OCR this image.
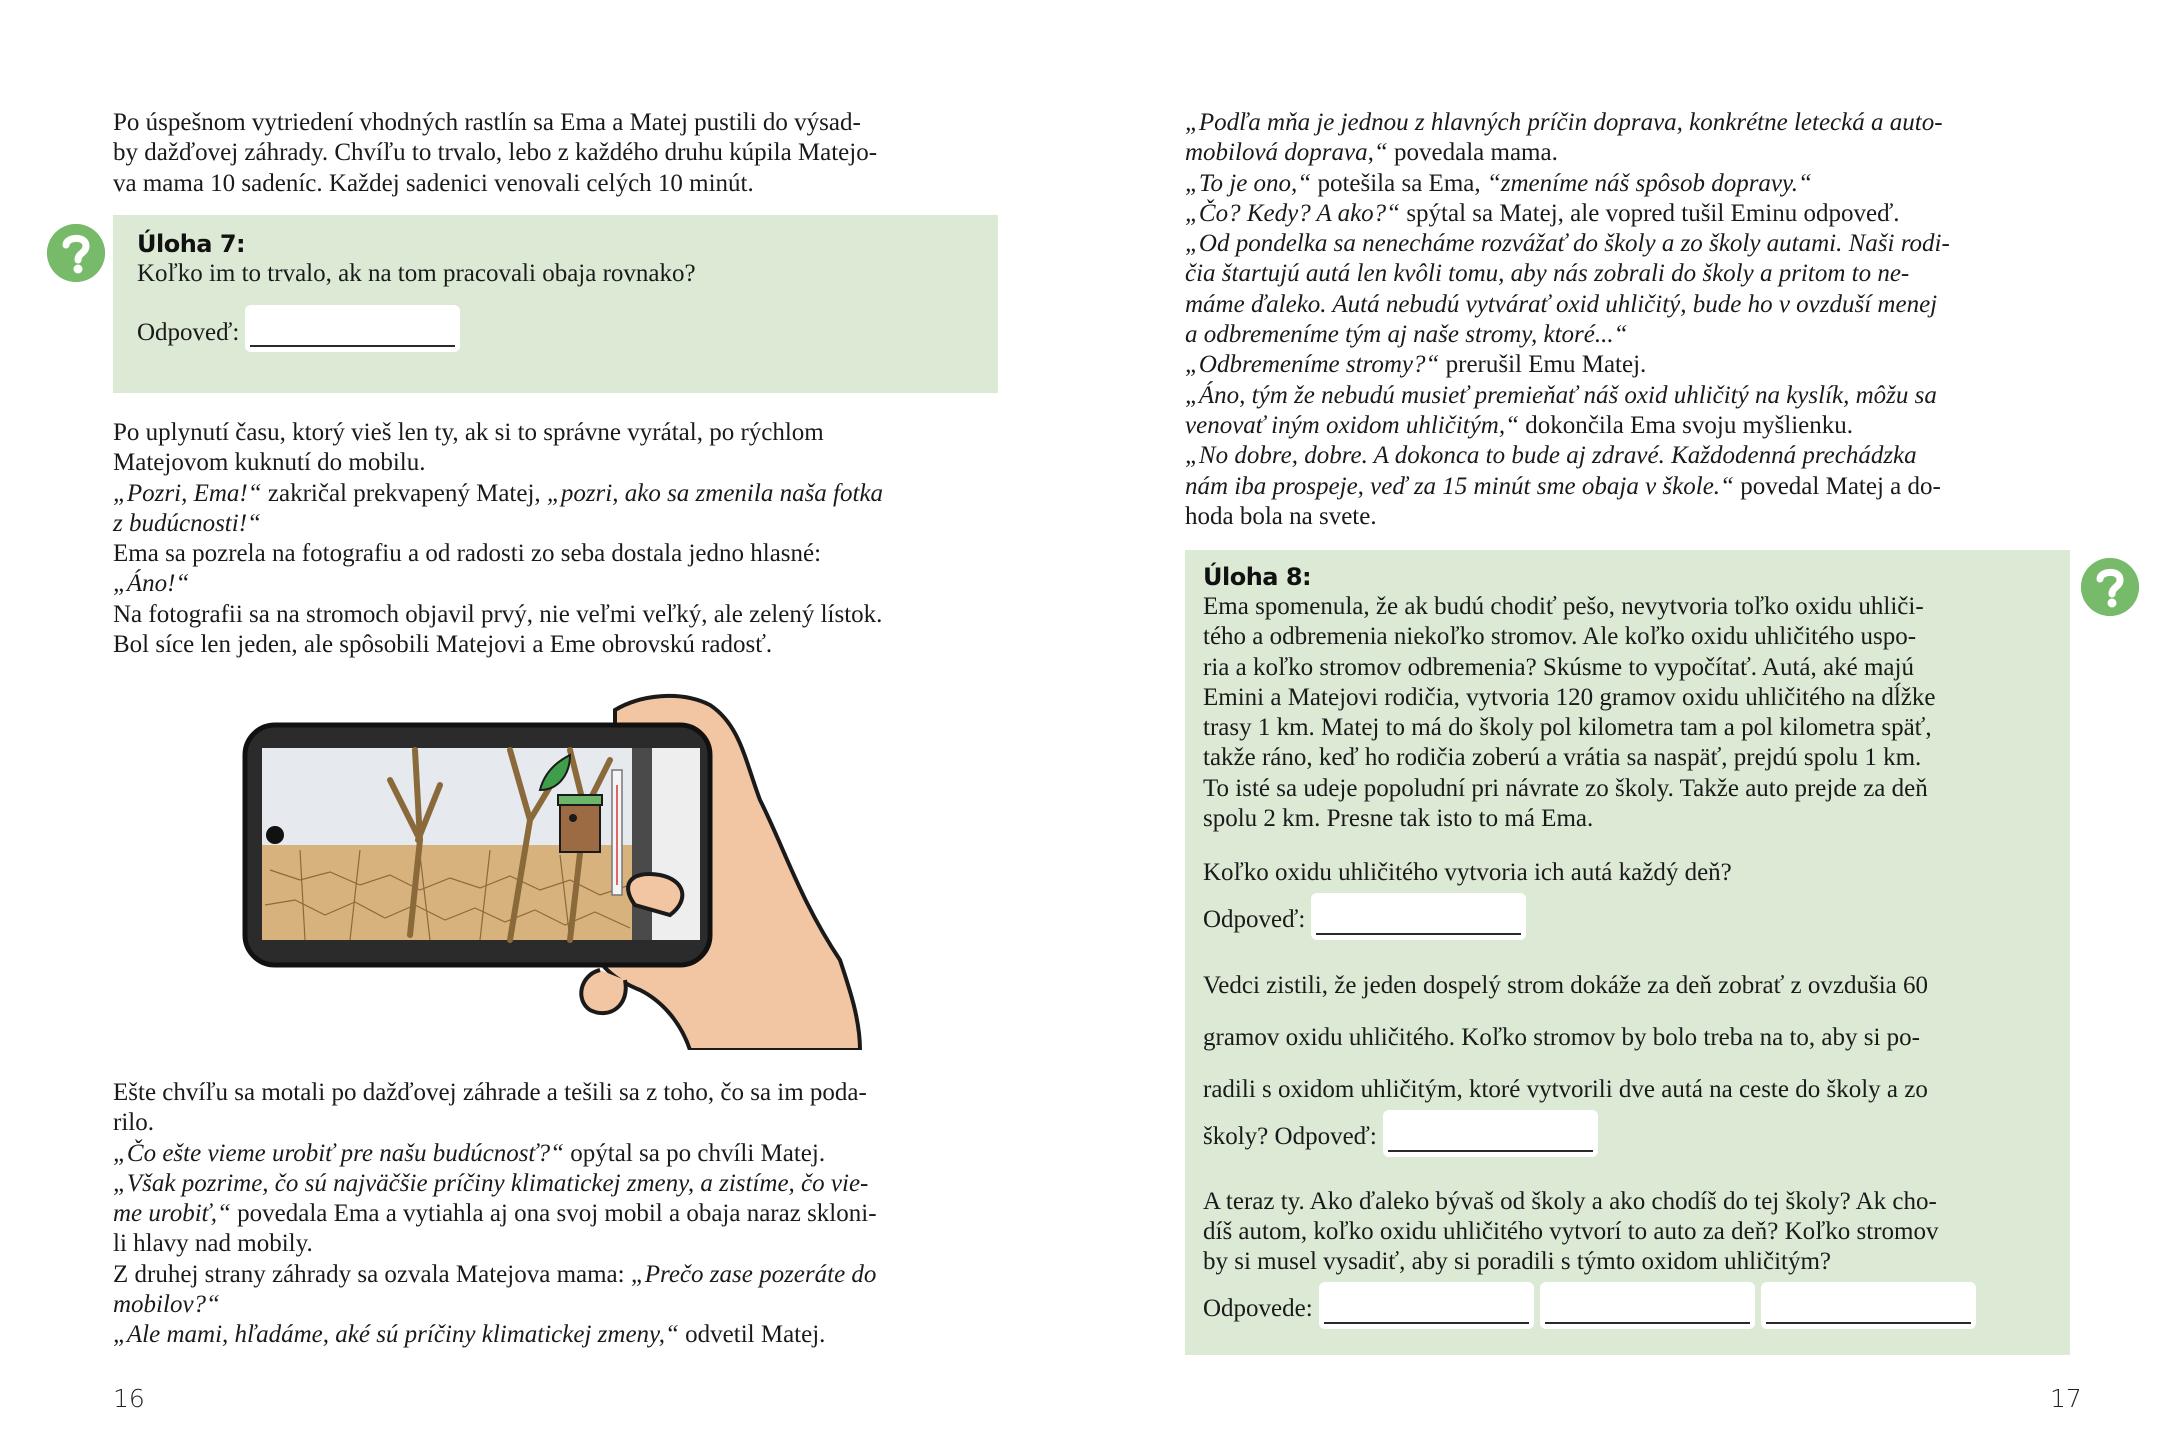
Po úspešnom vytriedení vhodných rastlín sa Ema a Matej pustili do výsad-

by dažďovej záhrady. Chvíľu to trvalo, lebo z každého druhu kúpila Matejo-

va mama 10 sadeníc. Každej sadenici venovali celých 10 minút.

Úloha 7:
Koľko im to trvalo, ak na tom pracovali obaja rovnako?
Odpoveď:

Po uplynutí času, ktorý vieš len ty, ak si to správne vyrátal, po rýchlom

Matejovom kuknutí do mobilu.

„Pozri, Ema!“ zakričal prekvapený Matej, „pozri, ako sa zmenila naša fotka

z budúcnosti!“

Ema sa pozrela na fotografiu a od radosti zo seba dostala jedno hlasné:

„Áno!“

Na fotografii sa na stromoch objavil prvý, nie veľmi veľký, ale zelený lístok.

Bol síce len jeden, ale spôsobili Matejovi a Eme obrovskú radosť.

Ešte chvíľu sa motali po dažďovej záhrade a tešili sa z toho, čo sa im poda-

rilo.

„Čo ešte vieme urobiť pre našu budúcnosť?“ opýtal sa po chvíli Matej.

„Však pozrime, čo sú najväčšie príčiny klimatickej zmeny, a zistíme, čo vie-

me urobiť,“ povedala Ema a vytiahla aj ona svoj mobil a obaja naraz skloni-

li hlavy nad mobily.

Z druhej strany záhrady sa ozvala Matejova mama: „Prečo zase pozeráte do

mobilov?“

„Ale mami, hľadáme, aké sú príčiny klimatickej zmeny,“ odvetil Matej.

16

„Podľa mňa je jednou z hlavných príčin doprava, konkrétne letecká a auto-

mobilová doprava,“ povedala mama.

„To je ono,“ potešila sa Ema, “zmeníme náš spôsob dopravy.“

„Čo? Kedy? A ako?“ spýtal sa Matej, ale vopred tušil Eminu odpoveď.

„Od pondelka sa nenecháme rozvážať do školy a zo školy autami. Naši rodi-

čia štartujú autá len kvôli tomu, aby nás zobrali do školy a pritom to ne-

máme ďaleko. Autá nebudú vytvárať oxid uhličitý, bude ho v ovzduší menej

a odbremeníme tým aj naše stromy, ktoré...“

„Odbremeníme stromy?“ prerušil Emu Matej.

„Áno, tým že nebudú musieť premieňať náš oxid uhličitý na kyslík, môžu sa

venovať iným oxidom uhličitým,“ dokončila Ema svoju myšlienku.

„No dobre, dobre. A dokonca to bude aj zdravé. Každodenná prechádzka

nám iba prospeje, veď za 15 minút sme obaja v škole.“ povedal Matej a do-

hoda bola na svete.

Úloha 8:

Ema spomenula, že ak budú chodiť pešo, nevytvoria toľko oxidu uhliči-

tého a odbremenia niekoľko stromov. Ale koľko oxidu uhličitého uspo-

ria a koľko stromov odbremenia? Skúsme to vypočítať. Autá, aké majú

Emini a Matejovi rodičia, vytvoria 120 gramov oxidu uhličitého na dĺžke

trasy 1 km. Matej to má do školy pol kilometra tam a pol kilometra späť,

takže ráno, keď ho rodičia zoberú a vrátia sa naspäť, prejdú spolu 1 km.

To isté sa udeje popoludní pri návrate zo školy. Takže auto prejde za deň

spolu 2 km. Presne tak isto to má Ema.

Koľko oxidu uhličitého vytvoria ich autá každý deň?
Odpoveď:

Vedci zistili, že jeden dospelý strom dokáže za deň zobrať z ovzdušia 60

gramov oxidu uhličitého. Koľko stromov by bolo treba na to, aby si po-

radili s oxidom uhličitým, ktoré vytvorili dve autá na ceste do školy a zo

školy? Odpoveď:

A teraz ty. Ako ďaleko bývaš od školy a ako chodíš do tej školy? Ak cho-

díš autom, koľko oxidu uhličitého vytvorí to auto za deň? Koľko stromov

by si musel vysadiť, aby si poradili s týmto oxidom uhličitým?

Odpovede:
17
